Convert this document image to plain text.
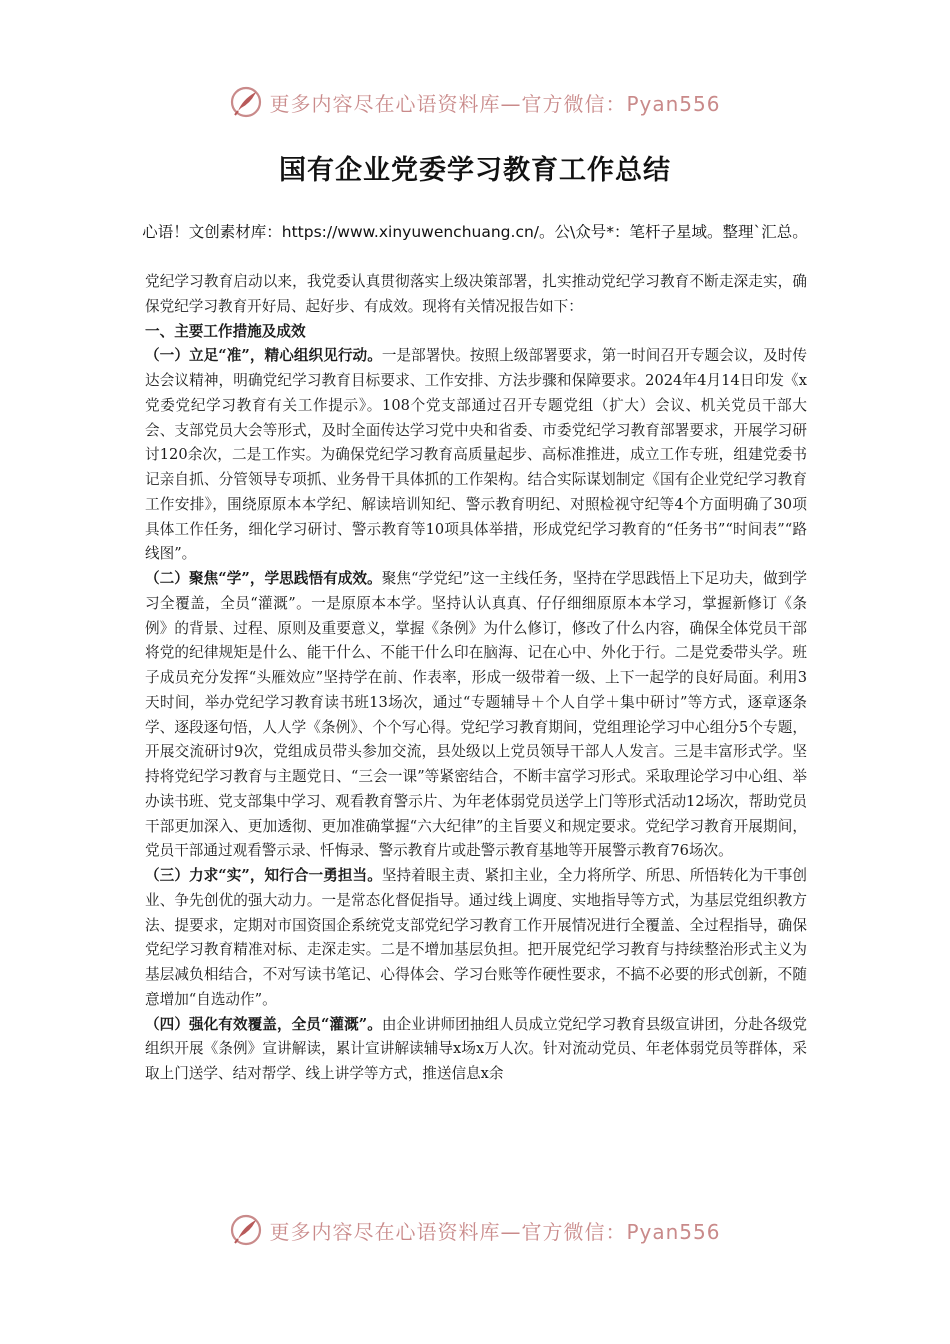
更多内容尽在心语资料库—官方微信：Pyan556
国有企业党委学习教育工作总结
心语！文创素材库：https://www.xinyuwenchuang.cn/。公\众号*：笔杆子星域。整理`汇总。

党纪学习教育启动以来，我党委认真贯彻落实上级决策部署，扎实推动党纪学习教育不断走深走实，确保党纪学习教育开好局、起好步、有成效。现将有关情况报告如下：

一、主要工作措施及成效

（一）立足“准”，精心组织见行动。一是部署快。按照上级部署要求，第一时间召开专题会议，及时传达会议精神，明确党纪学习教育目标要求、工作安排、方法步骤和保障要求。2024年4月14日印发《x党委党纪学习教育有关工作提示》。108个党支部通过召开专题党组（扩大）会议、机关党员干部大会、支部党员大会等形式，及时全面传达学习党中央和省委、市委党纪学习教育部署要求，开展学习研讨120余次，二是工作实。为确保党纪学习教育高质量起步、高标准推进，成立工作专班，组建党委书记亲自抓、分管领导专项抓、业务骨干具体抓的工作架构。结合实际谋划制定《国有企业党纪学习教育工作安排》，围绕原原本本学纪、解读培训知纪、警示教育明纪、对照检视守纪等4个方面明确了30项具体工作任务，细化学习研讨、警示教育等10项具体举措，形成党纪学习教育的“任务书”“时间表”“路线图”。

（二）聚焦“学”，学思践悟有成效。聚焦“学党纪”这一主线任务，坚持在学思践悟上下足功夫，做到学习全覆盖，全员“灌溉”。一是原原本本学。坚持认认真真、仔仔细细原原本本学习，掌握新修订《条例》的背景、过程、原则及重要意义，掌握《条例》为什么修订，修改了什么内容，确保全体党员干部将党的纪律规矩是什么、能干什么、不能干什么印在脑海、记在心中、外化于行。二是党委带头学。班子成员充分发挥“头雁效应”坚持学在前、作表率，形成一级带着一级、上下一起学的良好局面。利用3天时间，举办党纪学习教育读书班13场次，通过“专题辅导＋个人自学＋集中研讨”等方式，逐章逐条学、逐段逐句悟，人人学《条例》、个个写心得。党纪学习教育期间，党组理论学习中心组分5个专题，开展交流研讨9次，党组成员带头参加交流，县处级以上党员领导干部人人发言。三是丰富形式学。坚持将党纪学习教育与主题党日、“三会一课”等紧密结合，不断丰富学习形式。采取理论学习中心组、举办读书班、党支部集中学习、观看教育警示片、为年老体弱党员送学上门等形式活动12场次，帮助党员干部更加深入、更加透彻、更加准确掌握“六大纪律”的主旨要义和规定要求。党纪学习教育开展期间，党员干部通过观看警示录、忏悔录、警示教育片或赴警示教育基地等开展警示教育76场次。

（三）力求“实”，知行合一勇担当。坚持着眼主责、紧扣主业，全力将所学、所思、所悟转化为干事创业、争先创优的强大动力。一是常态化督促指导。通过线上调度、实地指导等方式，为基层党组织教方法、提要求，定期对市国资国企系统党支部党纪学习教育工作开展情况进行全覆盖、全过程指导，确保党纪学习教育精准对标、走深走实。二是不增加基层负担。把开展党纪学习教育与持续整治形式主义为基层减负相结合，不对写读书笔记、心得体会、学习台账等作硬性要求，不搞不必要的形式创新，不随意增加“自选动作”。

（四）强化有效覆盖，全员“灌溉”。由企业讲师团抽组人员成立党纪学习教育县级宣讲团，分赴各级党组织开展《条例》宣讲解读，累计宣讲解读辅导x场x万人次。针对流动党员、年老体弱党员等群体，采取上门送学、结对帮学、线上讲学等方式，推送信息x余

更多内容尽在心语资料库—官方微信：Pyan556
